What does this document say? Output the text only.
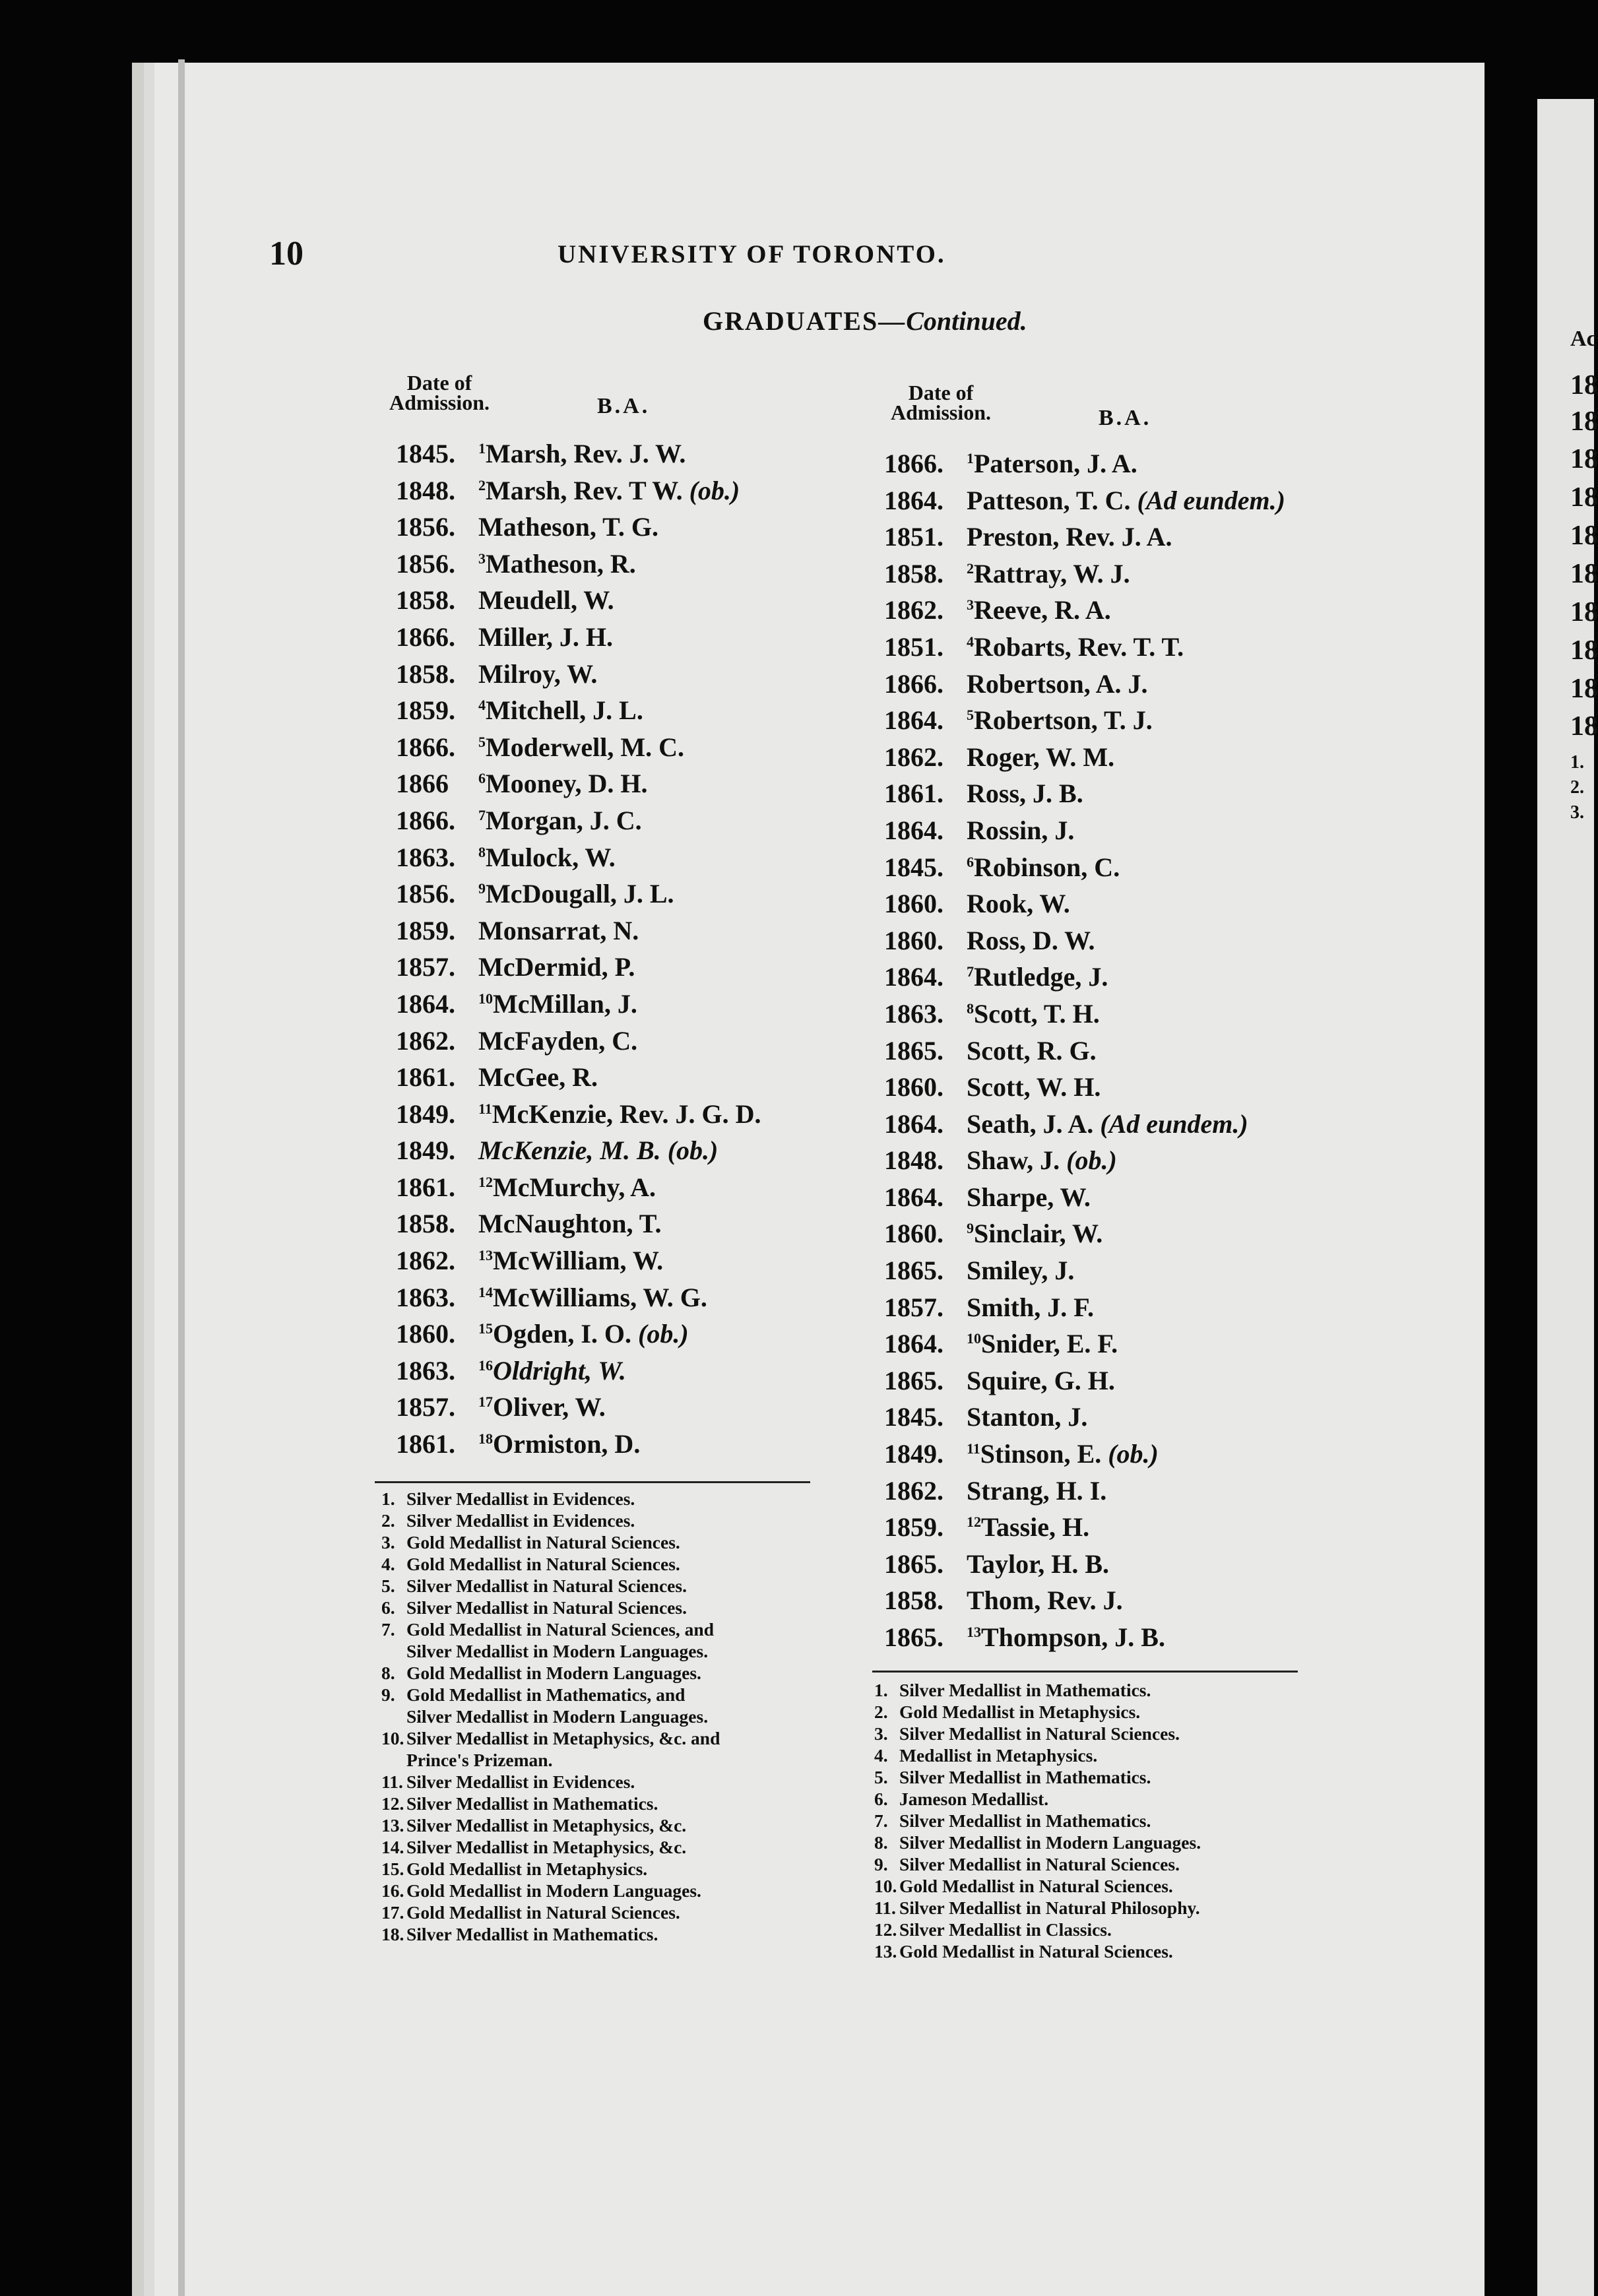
Ac
18
18
18
18
18
18
18
18
18
18
1.
2.
3.
10	UNIVERSITY OF TORONTO.
GRADUATES—Continued.
Date of
Admission.	B.A.
Date of
Admission.	B.A.
1845. $^1$Marsh, Rev. J. W.
1848. $^2$Marsh, Rev. T W. (ob.)
1856. Matheson, T. G.
1856. $^3$Matheson, R.
1858. Meudell, W.
1866. Miller, J. H.
1858. Milroy, W.
1859. $^4$Mitchell, J. L.
1866. $^5$Moderwell, M. C.
1866 $^6$Mooney, D. H.
1866. $^7$Morgan, J. C.
1863. $^8$Mulock, W.
1856. $^9$McDougall, J. L.
1859. Monsarrat, N.
1857. McDermid, P.
1864. $^{10}$McMillan, J.
1862. McFayden, C.
1861. McGee, R.
1849. $^{11}$McKenzie, Rev. J. G. D.
1849. McKenzie, M. B. (ob.)
1861. $^{12}$McMurchy, A.
1858. McNaughton, T.
1862. $^{13}$McWilliam, W.
1863. $^{14}$McWilliams, W. G.
1860. $^{15}$Ogden, I. O. (ob.)
1863. $^{16}$Oldright, W.
1857. $^{17}$Oliver, W.
1861. $^{18}$Ormiston, D.
1. Silver Medallist in Evidences.
2. Silver Medallist in Evidences.
3. Gold Medallist in Natural Sciences.
4. Gold Medallist in Natural Sciences.
5. Silver Medallist in Natural Sciences.
6. Silver Medallist in Natural Sciences.
7. Gold Medallist in Natural Sciences, and
Silver Medallist in Modern Languages.
8. Gold Medallist in Modern Languages.
9. Gold Medallist in Mathematics, and
Silver Medallist in Modern Languages.
10. Silver Medallist in Metaphysics, &c. and
Prince's Prizeman.
11. Silver Medallist in Evidences.
12. Silver Medallist in Mathematics.
13. Silver Medallist in Metaphysics, &c.
14. Silver Medallist in Metaphysics, &c.
15. Gold Medallist in Metaphysics.
16. Gold Medallist in Modern Languages.
17. Gold Medallist in Natural Sciences.
18. Silver Medallist in Mathematics.
1866. $^1$Paterson, J. A.
1864. Patteson, T. C. (Ad eundem.)
1851. Preston, Rev. J. A.
1858. $^2$Rattray, W. J.
1862. $^3$Reeve, R. A.
1851. $^4$Robarts, Rev. T. T.
1866. Robertson, A. J.
1864. $^5$Robertson, T. J.
1862. Roger, W. M.
1861. Ross, J. B.
1864. Rossin, J.
1845. $^6$Robinson, C.
1860. Rook, W.
1860. Ross, D. W.
1864. $^7$Rutledge, J.
1863. $^8$Scott, T. H.
1865. Scott, R. G.
1860. Scott, W. H.
1864. Seath, J. A. (Ad eundem.)
1848. Shaw, J. (ob.)
1864. Sharpe, W.
1860. $^9$Sinclair, W.
1865. Smiley, J.
1857. Smith, J. F.
1864. $^{10}$Snider, E. F.
1865. Squire, G. H.
1845. Stanton, J.
1849. $^{11}$Stinson, E. (ob.)
1862. Strang, H. I.
1859. $^{12}$Tassie, H.
1865. Taylor, H. B.
1858. Thom, Rev. J.
1865. $^{13}$Thompson, J. B.
1. Silver Medallist in Mathematics.
2. Gold Medallist in Metaphysics.
3. Silver Medallist in Natural Sciences.
4. Medallist in Metaphysics.
5. Silver Medallist in Mathematics.
6. Jameson Medallist.
7. Silver Medallist in Mathematics.
8. Silver Medallist in Modern Languages.
9. Silver Medallist in Natural Sciences.
10. Gold Medallist in Natural Sciences.
11. Silver Medallist in Natural Philosophy.
12. Silver Medallist in Classics.
13. Gold Medallist in Natural Sciences.
